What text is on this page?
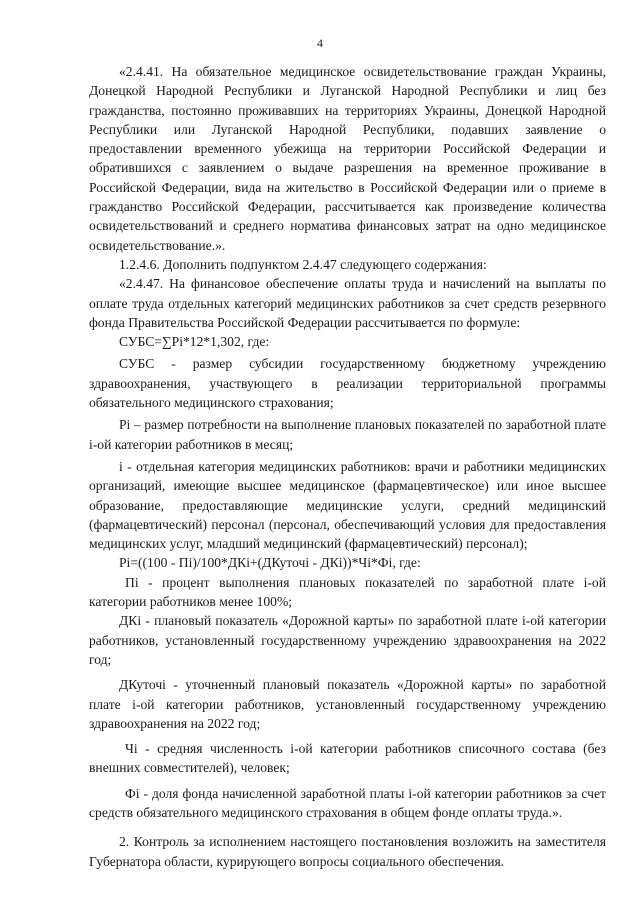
4

«2.4.41. На обязательное медицинское освидетельствование граждан Украины, Донецкой Народной Республики и Луганской Народной Республики и лиц без гражданства, постоянно проживавших на территориях Украины, Донецкой Народной Республики или Луганской Народной Республики, подавших заявление о предоставлении временного убежища на территории Российской Федерации и обратившихся с заявлением о выдаче разрешения на временное проживание в Российской Федерации, вида на жительство в Российской Федерации или о приеме в гражданство Российской Федерации, рассчитывается как произведение количества освидетельствований и среднего норматива финансовых затрат на одно медицинское освидетельствование.».

1.2.4.6. Дополнить подпунктом 2.4.47 следующего содержания:

«2.4.47. На финансовое обеспечение оплаты труда и начислений на выплаты по оплате труда отдельных категорий медицинских работников за счет средств резервного фонда Правительства Российской Федерации рассчитывается по формуле:

СУБС=∑Pi*12*1,302, где:

СУБС - размер субсидии государственному бюджетному учреждению здравоохранения, участвующего в реализации территориальной программы обязательного медицинского страхования;

Pi – размер потребности на выполнение плановых показателей по заработной плате i-ой категории работников в месяц;

i - отдельная категория медицинских работников: врачи и работники медицинских организаций, имеющие высшее медицинское (фармацевтическое) или иное высшее образование, предоставляющие медицинские услуги, средний медицинский (фармацевтический) персонал (персонал, обеспечивающий условия для предоставления медицинских услуг, младший медицинский (фармацевтический) персонал);

Pi=((100 - Пі)/100*ДКі+(ДКуточі - ДКі))*Чі*Фі, где:

Пі - процент выполнения плановых показателей по заработной плате i-ой категории работников менее 100%;

ДКі - плановый показатель «Дорожной карты» по заработной плате i-ой категории работников, установленный государственному учреждению здравоохранения на 2022 год;

ДКуточі - уточненный плановый показатель «Дорожной карты» по заработной плате i-ой категории работников, установленный государственному учреждению здравоохранения на 2022 год;

Чі - средняя численность i-ой категории работников списочного состава (без внешних совместителей), человек;

Фі - доля фонда начисленной заработной платы i-ой категории работников за счет средств обязательного медицинского страхования в общем фонде оплаты труда.».

2. Контроль за исполнением настоящего постановления возложить на заместителя Губернатора области, курирующего вопросы социального обеспечения.
